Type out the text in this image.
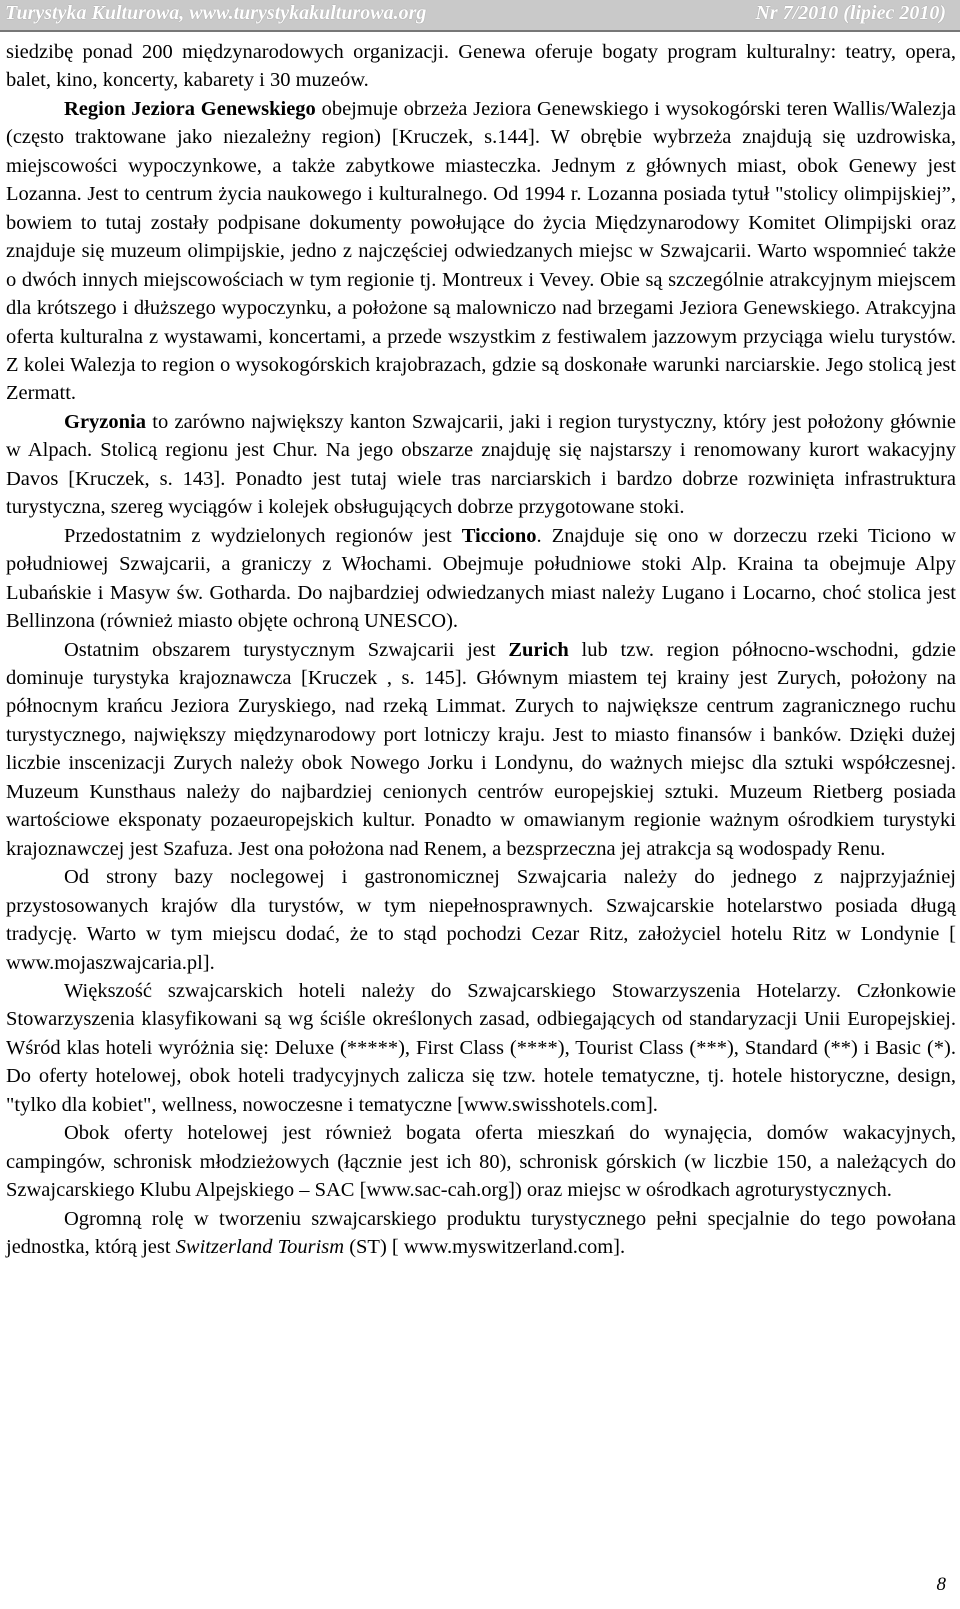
Turystyka Kulturowa, www.turystykakulturowa.org	Nr 7/2010 (lipiec 2010)

siedzibę ponad 200 międzynarodowych organizacji. Genewa oferuje bogaty program kulturalny: teatry, opera, balet, kino, koncerty, kabarety i 30 muzeów.

Region Jeziora Genewskiego obejmuje obrzeża Jeziora Genewskiego i wysokogórski teren Wallis/Walezja (często traktowane jako niezależny region) [Kruczek, s.144]. W obrębie wybrzeża znajdują się uzdrowiska, miejscowości wypoczynkowe, a także zabytkowe miasteczka. Jednym z głównych miast, obok Genewy jest Lozanna. Jest to centrum życia naukowego i kulturalnego. Od 1994 r. Lozanna posiada tytuł "stolicy olimpijskiej”, bowiem to tutaj zostały podpisane dokumenty powołujące do życia Międzynarodowy Komitet Olimpijski oraz znajduje się muzeum olimpijskie, jedno z najczęściej odwiedzanych miejsc w Szwajcarii. Warto wspomnieć także o dwóch innych miejscowościach w tym regionie tj. Montreux i Vevey. Obie są szczególnie atrakcyjnym miejscem dla krótszego i dłuższego wypoczynku, a położone są malowniczo nad brzegami Jeziora Genewskiego. Atrakcyjna oferta kulturalna z wystawami, koncertami, a przede wszystkim z festiwalem jazzowym przyciąga wielu turystów. Z kolei Walezja to region o wysokogórskich krajobrazach, gdzie są doskonałe warunki narciarskie. Jego stolicą jest Zermatt.

Gryzonia to zarówno największy kanton Szwajcarii, jaki i region turystyczny, który jest położony głównie w Alpach. Stolicą regionu jest Chur. Na jego obszarze znajduję się najstarszy i renomowany kurort wakacyjny Davos [Kruczek, s. 143]. Ponadto jest tutaj wiele tras narciarskich i bardzo dobrze rozwinięta infrastruktura turystyczna, szereg wyciągów i kolejek obsługujących dobrze przygotowane stoki.

Przedostatnim z wydzielonych regionów jest Ticciono. Znajduje się ono w dorzeczu rzeki Ticiono w południowej Szwajcarii, a graniczy z Włochami. Obejmuje południowe stoki Alp. Kraina ta obejmuje Alpy Lubańskie i Masyw św. Gotharda. Do najbardziej odwiedzanych miast należy Lugano i Locarno, choć stolica jest Bellinzona (również miasto objęte ochroną UNESCO).

Ostatnim obszarem turystycznym Szwajcarii jest Zurich lub tzw. region północno-wschodni, gdzie dominuje turystyka krajoznawcza [Kruczek , s. 145]. Głównym miastem tej krainy jest Zurych, położony na północnym krańcu Jeziora Zuryskiego, nad rzeką Limmat. Zurych to największe centrum zagranicznego ruchu turystycznego, największy międzynarodowy port lotniczy kraju. Jest to miasto finansów i banków. Dzięki dużej liczbie inscenizacji Zurych należy obok Nowego Jorku i Londynu, do ważnych miejsc dla sztuki współczesnej. Muzeum Kunsthaus należy do najbardziej cenionych centrów europejskiej sztuki. Muzeum Rietberg posiada wartościowe eksponaty pozaeuropejskich kultur. Ponadto w omawianym regionie ważnym ośrodkiem turystyki krajoznawczej jest Szafuza. Jest ona położona nad Renem, a bezsprzeczna jej atrakcja są wodospady Renu.

Od strony bazy noclegowej i gastronomicznej Szwajcaria należy do jednego z najprzyjaźniej przystosowanych krajów dla turystów, w tym niepełnosprawnych. Szwajcarskie hotelarstwo posiada długą tradycję. Warto w tym miejscu dodać, że to stąd pochodzi Cezar Ritz, założyciel hotelu Ritz w Londynie [ www.mojaszwajcaria.pl].

Większość szwajcarskich hoteli należy do Szwajcarskiego Stowarzyszenia Hotelarzy. Członkowie Stowarzyszenia klasyfikowani są wg ściśle określonych zasad, odbiegających od standaryzacji Unii Europejskiej. Wśród klas hoteli wyróżnia się: Deluxe (*****), First Class (****), Tourist Class (***), Standard (**) i Basic (*). Do oferty hotelowej, obok hoteli tradycyjnych zalicza się tzw. hotele tematyczne, tj. hotele historyczne, design, "tylko dla kobiet", wellness, nowoczesne i tematyczne [www.swisshotels.com].

Obok oferty hotelowej jest również bogata oferta mieszkań do wynajęcia, domów wakacyjnych, campingów, schronisk młodzieżowych (łącznie jest ich 80), schronisk górskich (w liczbie 150, a należących do Szwajcarskiego Klubu Alpejskiego – SAC [www.sac-cah.org]) oraz miejsc w ośrodkach agroturystycznych.

Ogromną rolę w tworzeniu szwajcarskiego produktu turystycznego pełni specjalnie do tego powołana jednostka, którą jest Switzerland Tourism (ST) [ www.myswitzerland.com].

8
